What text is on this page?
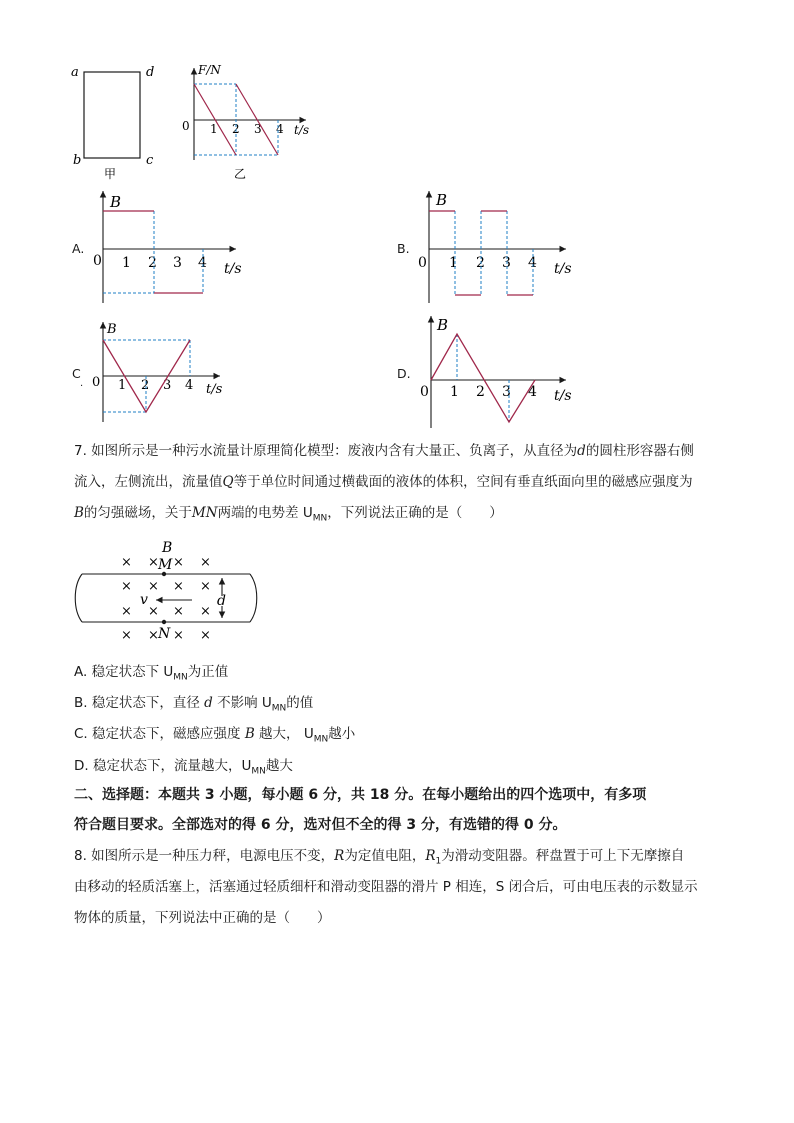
a	d
b	c
甲
F/N
t/s
0 1 2 3 4
乙
A.
B
t/s
0 1 2 3 4
B.
B
t/s
0 1 2 3 4
C
.
B
t/s
0 1 2 3 4
D.
B
t/s
0 1 2 3 4
7. 如图所示是一种污水流量计原理简化模型：废液内含有大量正、负离子，从直径为d的圆柱形容器右侧
流入，左侧流出，流量值Q等于单位时间通过横截面的液体的体积，空间有垂直纸面向里的磁感应强度为
B的匀强磁场，关于MN两端的电势差 $U_{MN}$，下列说法正确的是（　　）
B
× × × ×
× × × ×
× × × ×
× × × ×
M
N
v	d
A. 稳定状态下 $U_{MN}$为正值
B. 稳定状态下，直径 d 不影响 $U_{MN}$的值
C. 稳定状态下，磁感应强度 B 越大， $U_{MN}$越小
D. 稳定状态下，流量越大，$U_{MN}$越大
二、选择题：本题共 3 小题，每小题 6 分，共 18 分。在每小题给出的四个选项中，有多项
符合题目要求。全部选对的得 6 分，选对但不全的得 3 分，有选错的得 0 分。
8. 如图所示是一种压力秤，电源电压不变，R为定值电阻，$R_1$为滑动变阻器。秤盘置于可上下无摩擦自
由移动的轻质活塞上，活塞通过轻质细杆和滑动变阻器的滑片 P 相连，S 闭合后，可由电压表的示数显示
物体的质量，下列说法中正确的是（　　）
